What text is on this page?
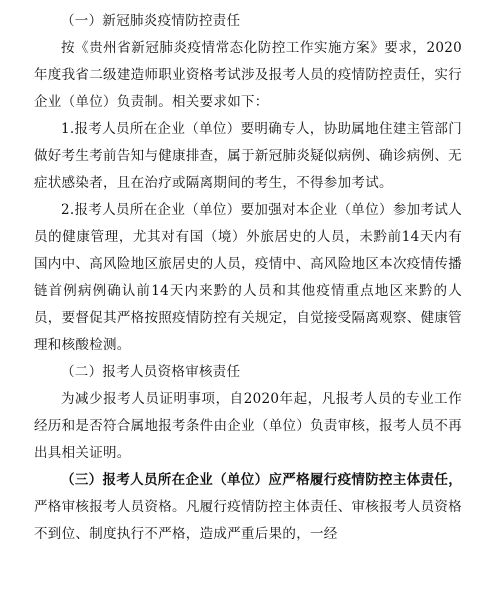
（一）新冠肺炎疫情防控责任

按《贵州省新冠肺炎疫情常态化防控工作实施方案》要求，2020年度我省二级建造师职业资格考试涉及报考人员的疫情防控责任，实行企业（单位）负责制。相关要求如下：

1.报考人员所在企业（单位）要明确专人，协助属地住建主管部门做好考生考前告知与健康排查，属于新冠肺炎疑似病例、确诊病例、无症状感染者，且在治疗或隔离期间的考生，不得参加考试。

2.报考人员所在企业（单位）要加强对本企业（单位）参加考试人员的健康管理，尤其对有国（境）外旅居史的人员，未黔前14天内有国内中、高风险地区旅居史的人员，疫情中、高风险地区本次疫情传播链首例病例确认前14天内来黔的人员和其他疫情重点地区来黔的人员，要督促其严格按照疫情防控有关规定，自觉接受隔离观察、健康管理和核酸检测。

（二）报考人员资格审核责任

为减少报考人员证明事项，自2020年起，凡报考人员的专业工作经历和是否符合属地报考条件由企业（单位）负责审核，报考人员不再出具相关证明。

（三）报考人员所在企业（单位）应严格履行疫情防控主体责任，严格审核报考人员资格。凡履行疫情防控主体责任、审核报考人员资格不到位、制度执行不严格，造成严重后果的，一经
